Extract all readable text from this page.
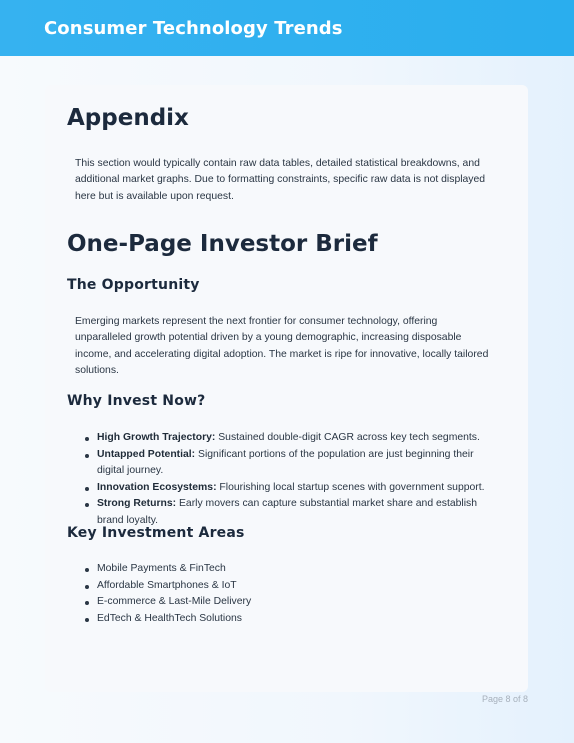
Consumer Technology Trends
Appendix

This section would typically contain raw data tables, detailed statistical breakdowns, and additional market graphs. Due to formatting constraints, specific raw data is not displayed here but is available upon request.

One-Page Investor Brief
The Opportunity

Emerging markets represent the next frontier for consumer technology, offering unparalleled growth potential driven by a young demographic, increasing disposable income, and accelerating digital adoption. The market is ripe for innovative, locally tailored solutions.

Why Invest Now?
High Growth Trajectory: Sustained double-digit CAGR across key tech segments.
Untapped Potential: Significant portions of the population are just beginning their digital journey.
Innovation Ecosystems: Flourishing local startup scenes with government support.
Strong Returns: Early movers can capture substantial market share and establish brand loyalty.
Key Investment Areas
Mobile Payments & FinTech
Affordable Smartphones & IoT
E-commerce & Last-Mile Delivery
EdTech & HealthTech Solutions
Page 8 of 8
